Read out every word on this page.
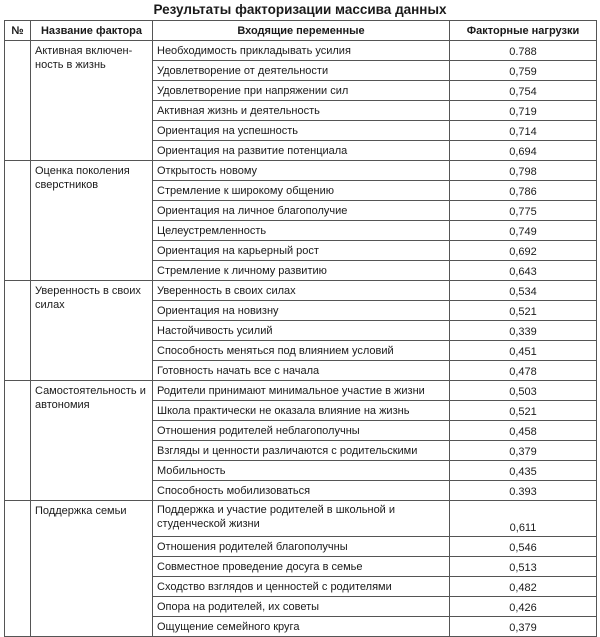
Результаты факторизации массива данных
№	Название фактора	Входящие переменные	Факторные нагрузки
	Активная включен-ность в жизнь	Необходимость прикладывать усилия	0.788
		Удовлетворение от деятельности	0,759
		Удовлетворение при напряжении сил	0,754
		Активная жизнь и деятельность	0,719
		Ориентация на успешность	0,714
		Ориентация на развитие потенциала	0,694
	Оценка поколения сверстников	Открытость новому	0,798
		Стремление к широкому общению	0,786
		Ориентация на личное благополучие	0,775
		Целеустремленность	0,749
		Ориентация на карьерный рост	0,692
		Стремление к личному развитию	0,643
	Уверенность в своих силах	Уверенность в своих силах	0,534
		Ориентация на новизну	0,521
		Настойчивость усилий	0,339
		Способность меняться под влиянием условий	0,451
		Готовность начать все с начала	0,478
	Самостоятельность и автономия	Родители принимают минимальное участие в жизни	0,503
		Школа практически не оказала влияние на жизнь	0,521
		Отношения родителей неблагополучны	0,458
		Взгляды и ценности различаются с родительскими	0,379
		Мобильность	0,435
		Способность мобилизоваться	0.393
	Поддержка семьи	Поддержка и участие родителей в школьной и студенческой жизни	0,611
		Отношения родителей благополучны	0,546
		Совместное проведение досуга в семье	0,513
		Сходство взглядов и ценностей с родителями	0,482
		Опора на родителей, их советы	0,426
		Ощущение семейного круга	0,379
